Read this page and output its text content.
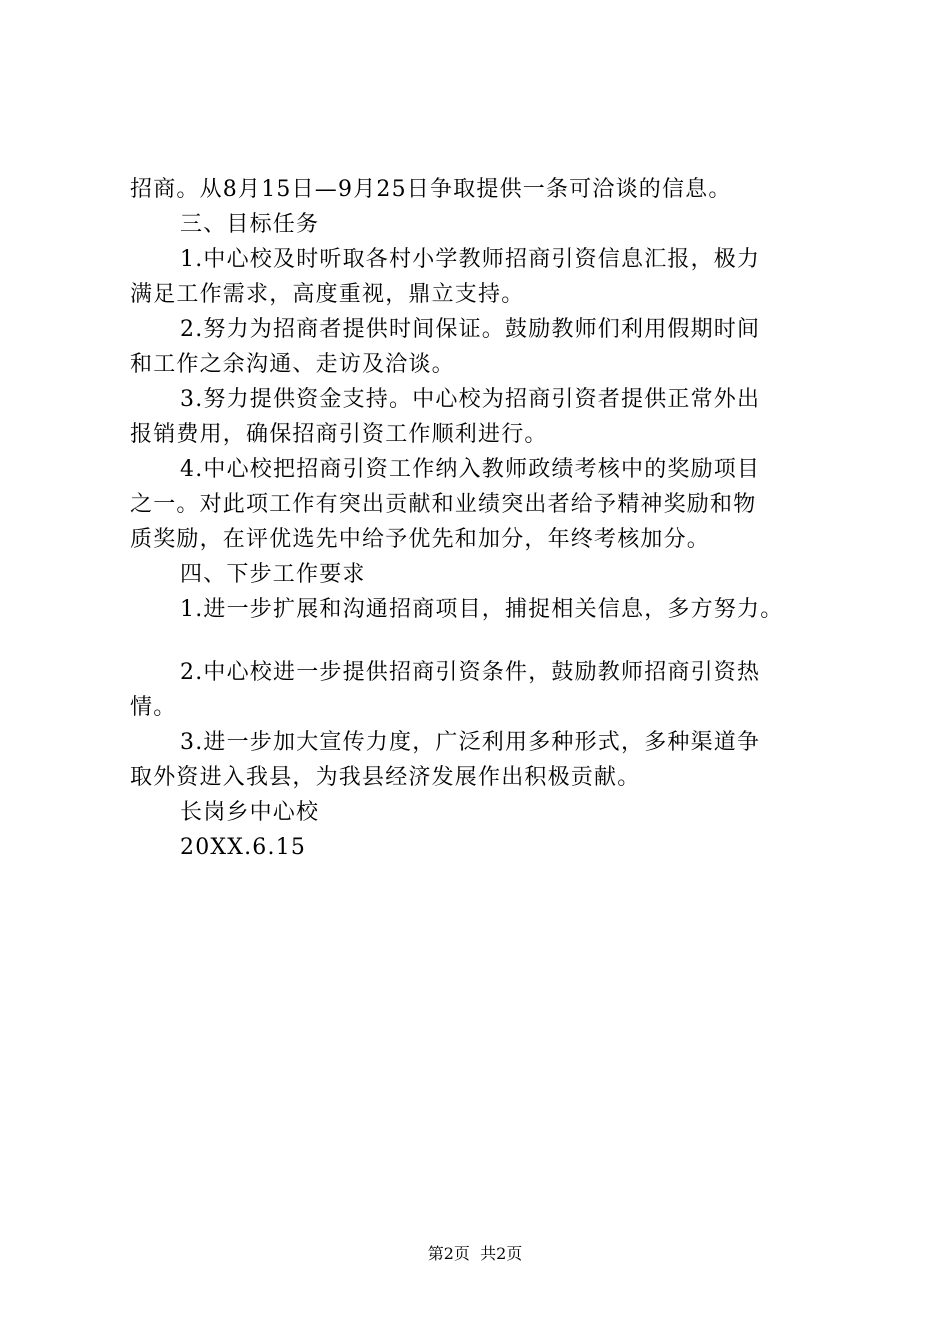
招商。从8月15日—9月25日争取提供一条可洽谈的信息。

三、目标任务

1.中心校及时听取各村小学教师招商引资信息汇报，极力

满足工作需求，高度重视，鼎立支持。

2.努力为招商者提供时间保证。鼓励教师们利用假期时间

和工作之余沟通、走访及洽谈。

3.努力提供资金支持。中心校为招商引资者提供正常外出

报销费用，确保招商引资工作顺利进行。

4.中心校把招商引资工作纳入教师政绩考核中的奖励项目

之一。对此项工作有突出贡献和业绩突出者给予精神奖励和物

质奖励，在评优选先中给予优先和加分，年终考核加分。

四、下步工作要求

1.进一步扩展和沟通招商项目，捕捉相关信息，多方努力。

2.中心校进一步提供招商引资条件，鼓励教师招商引资热

情。

3.进一步加大宣传力度，广泛利用多种形式，多种渠道争

取外资进入我县，为我县经济发展作出积极贡献。

长岗乡中心校

20XX.6.15

第2页  共2页
